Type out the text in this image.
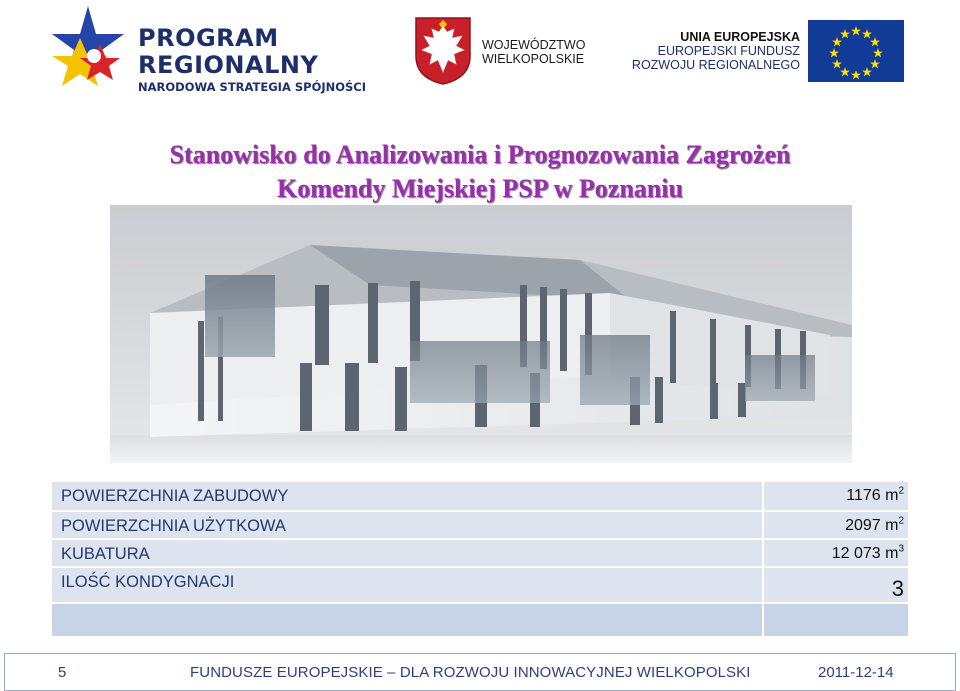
PROGRAM
REGIONALNY
NARODOWA STRATEGIA SPÓJNOŚCI
WOJEWÓDZTWO
WIELKOPOLSKIE
UNIA EUROPEJSKA
EUROPEJSKI FUNDUSZ
ROZWOJU REGIONALNEGO
Stanowisko do Analizowania i Prognozowania Zagrożeń
Komendy Miejskiej PSP w Poznaniu
POWIERZCHNIA ZABUDOWY	1176 $m^2$
POWIERZCHNIA UŻYTKOWA	2097 $m^2$
KUBATURA	12 073 $m^3$
ILOŚĆ KONDYGNACJI	3
5	FUNDUSZE EUROPEJSKIE – DLA ROZWOJU INNOWACYJNEJ WIELKOPOLSKI	2011-12-14
